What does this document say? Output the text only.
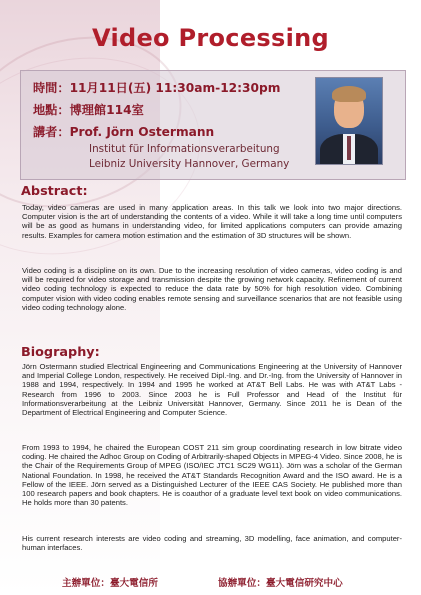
Video Processing
時間：11月11日(五) 11:30am-12:30pm
地點：博理館114室
講者：Prof. Jörn Ostermann
Institut für Informationsverarbeitung
Leibniz University Hannover, Germany
Abstract:
Today, video cameras are used in many application areas. In this talk we look into two major directions. Computer vision is the art of understanding the contents of a video. While it will take a long time until computers will be as good as humans in understanding video, for limited applications computers can provide amazing results. Examples for camera motion estimation and the estimation of 3D structures will be shown.
Video coding is a discipline on its own. Due to the increasing resolution of video cameras, video coding is and will be required for video storage and transmission despite the growing network capacity. Refinement of current video coding technology is expected to reduce the data rate by 50% for high resolution video. Combining computer vision with video coding enables remote sensing and surveillance scenarios that are not feasible using video coding technology alone.
Biography:
Jörn Ostermann studied Electrical Engineering and Communications Engineering at the University of Hannover and Imperial College London, respectively. He received Dipl.-Ing. and Dr.-Ing. from the University of Hannover in 1988 and 1994, respectively. In 1994 and 1995 he worked at AT&T Bell Labs. He was with AT&T Labs - Research from 1996 to 2003. Since 2003 he is Full Professor and Head of the Institut für Informationsverarbeitung at the Leibniz Universität Hannover, Germany. Since 2011 he is Dean of the Department of Electrical Engineering and Computer Science.
From 1993 to 1994, he chaired the European COST 211 sim group coordinating research in low bitrate video coding. He chaired the Adhoc Group on Coding of Arbitrarily-shaped Objects in MPEG-4 Video. Since 2008, he is the Chair of the Requirements Group of MPEG (ISO/IEC JTC1 SC29 WG11). Jörn was a scholar of the German National Foundation. In 1998, he received the AT&T Standards Recognition Award and the ISO award. He is a Fellow of the IEEE. Jörn served as a Distinguished Lecturer of the IEEE CAS Society. He published more than 100 research papers and book chapters. He is coauthor of a graduate level text book on video communications. He holds more than 30 patents.
His current research interests are video coding and streaming, 3D modelling, face animation, and computer-human interfaces.
主辦單位：臺大電信所	協辦單位：臺大電信研究中心
